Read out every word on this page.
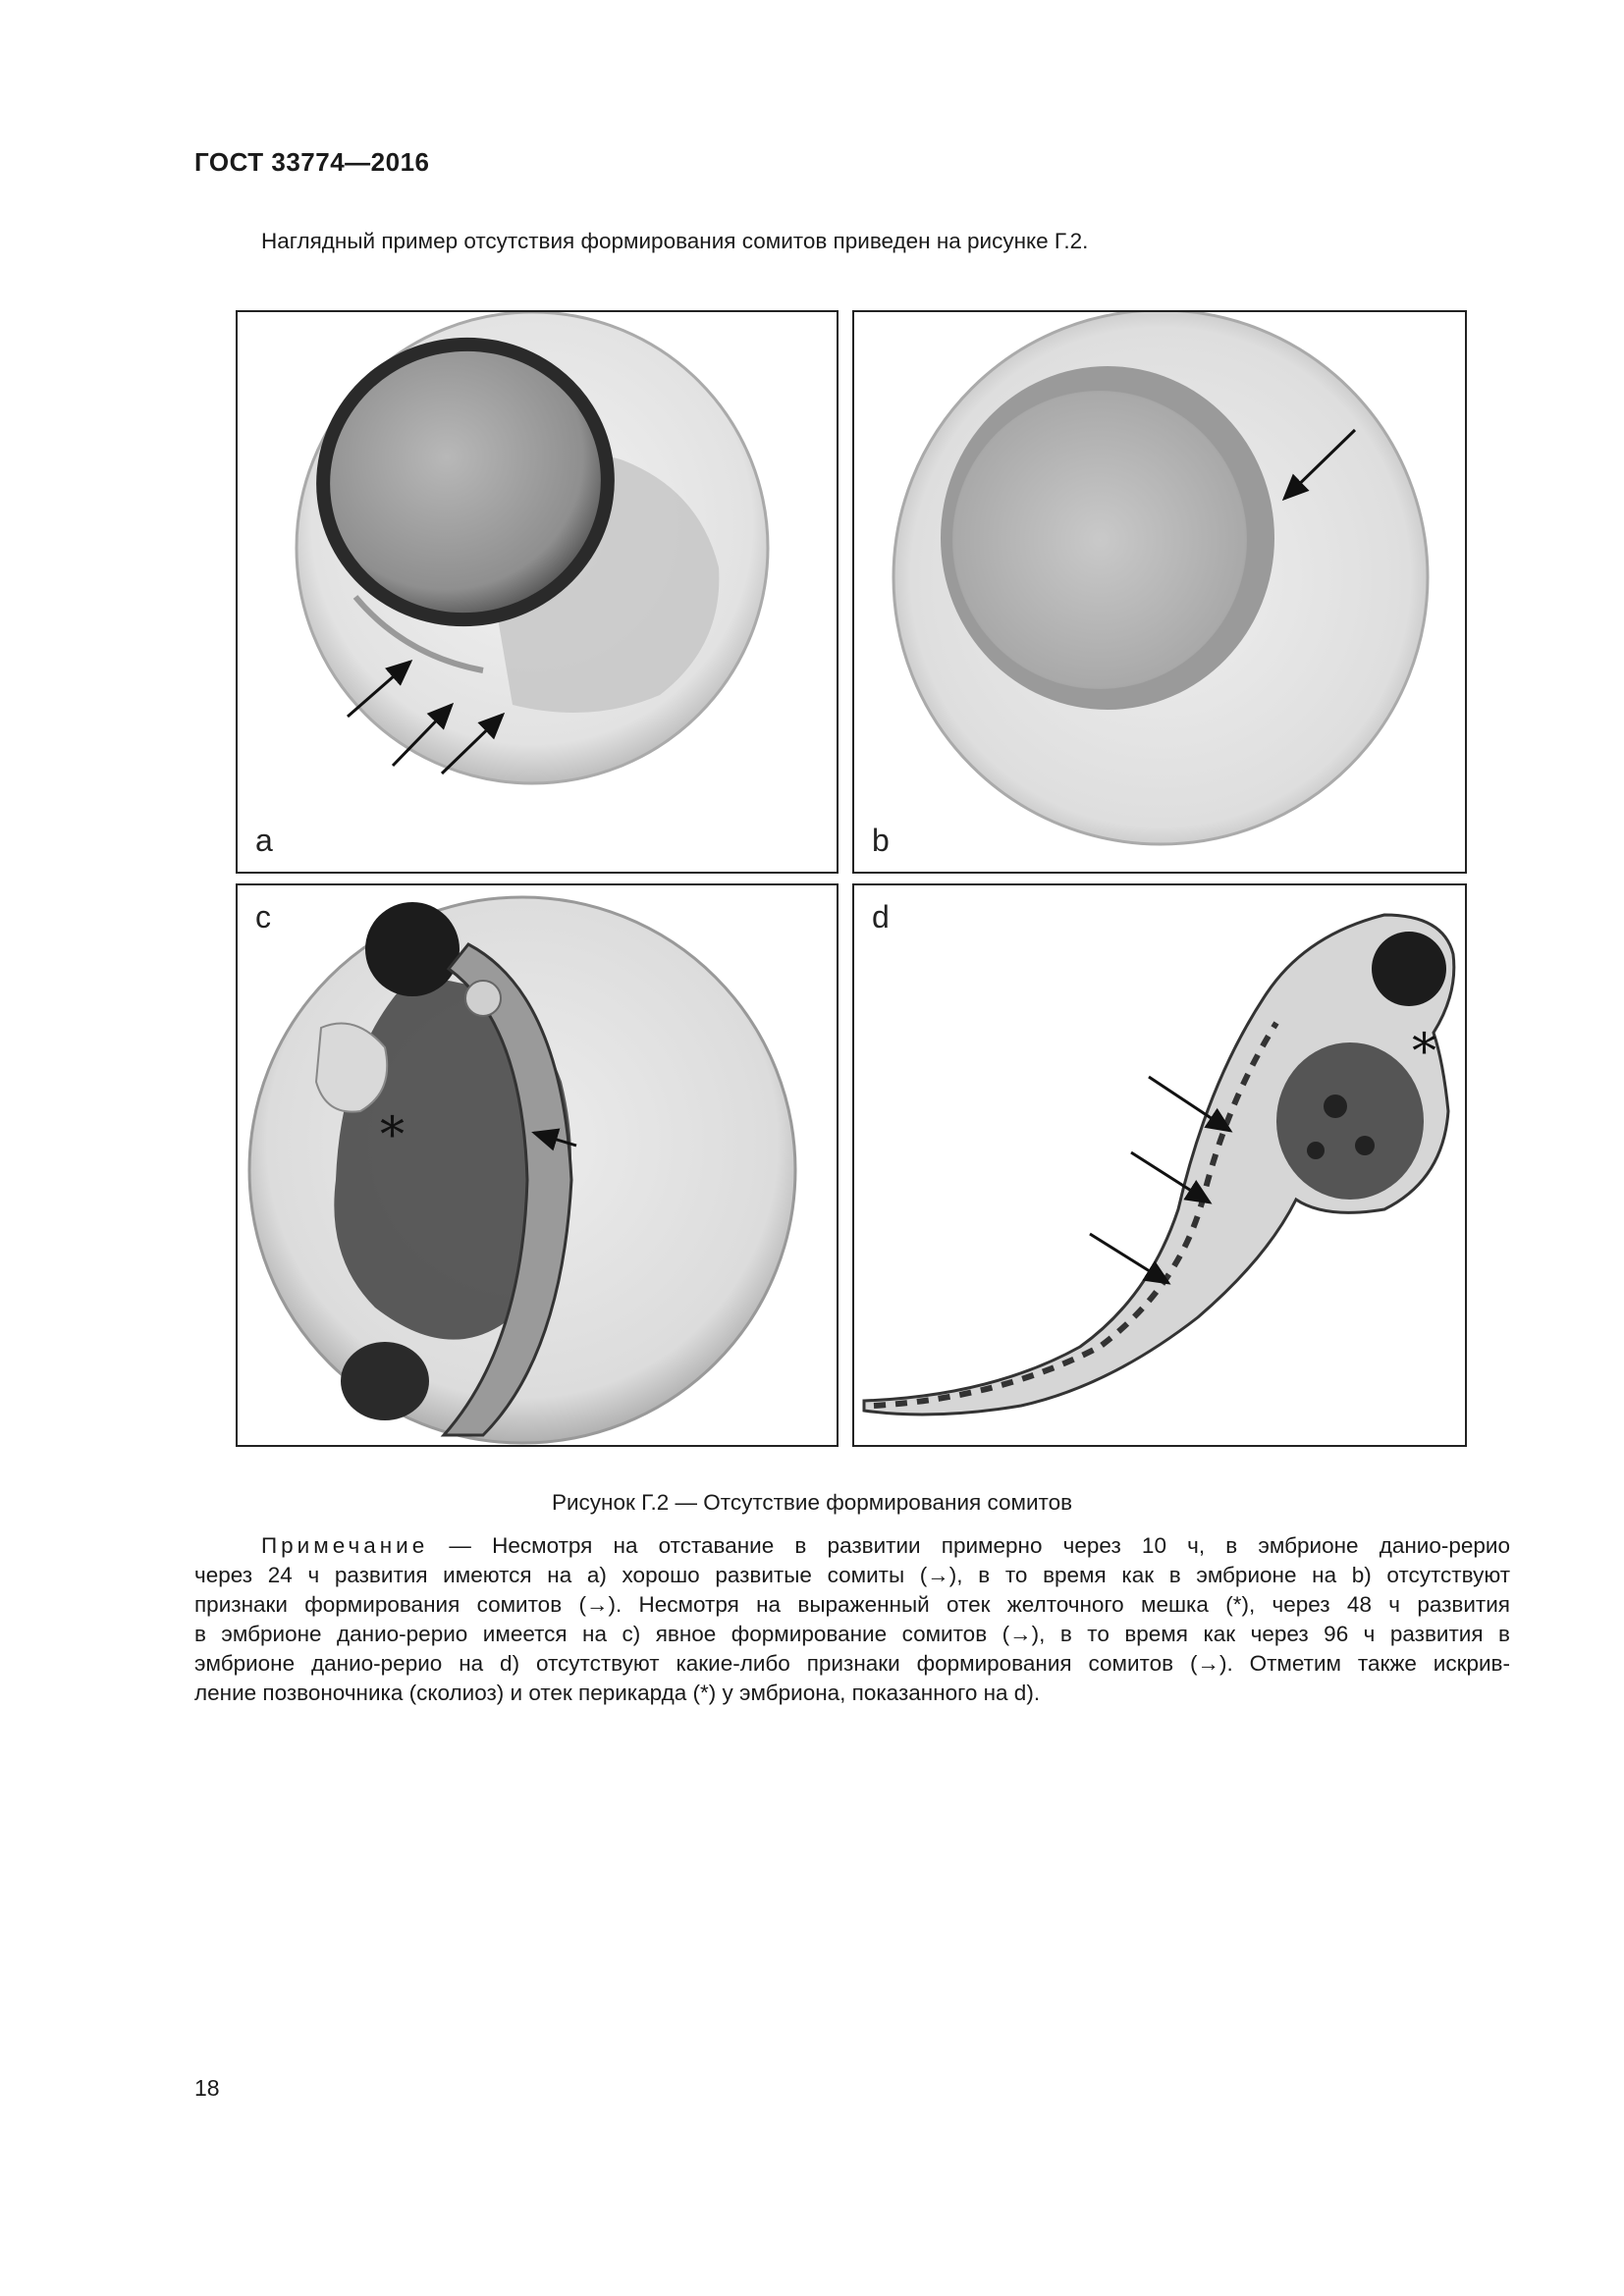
ГОСТ 33774—2016
Наглядный пример отсутствия формирования сомитов приведен на рисунке Г.2.
a	b
c
*
d
*
Рисунок Г.2 — Отсутствие формирования сомитов
Примечание — Несмотря на отставание в развитии примерно через 10 ч, в эмбрионе данио-рерио
через 24 ч развития имеются на а) хорошо развитые сомиты (→), в то время как в эмбрионе на b) отсутствуют
признаки формирования сомитов (→). Несмотря на выраженный отек желточного мешка (*), через 48 ч развития
в эмбрионе данио-рерио имеется на с) явное формирование сомитов (→), в то время как через 96 ч развития в
эмбрионе данио-рерио на d) отсутствуют какие-либо признаки формирования сомитов (→). Отметим также искрив-
ление позвоночника (сколиоз) и отек перикарда (*) у эмбриона, показанного на d).
18
